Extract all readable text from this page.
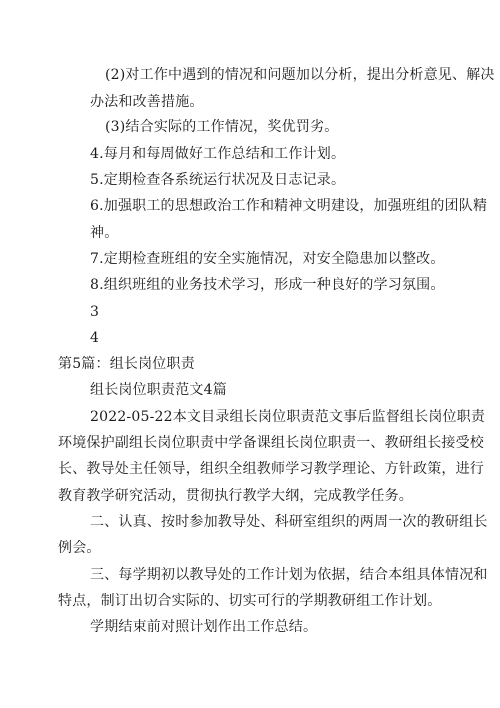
(2)对工作中遇到的情况和问题加以分析，提出分析意见、解决
办法和改善措施。
(3)结合实际的工作情况，奖优罚劣。
4.每月和每周做好工作总结和工作计划。
5.定期检查各系统运行状况及日志记录。
6.加强职工的思想政治工作和精神文明建设，加强班组的团队精
神。
7.定期检查班组的安全实施情况，对安全隐患加以整改。
8.组织班组的业务技术学习，形成一种良好的学习氛围。
3
4
第5篇：组长岗位职责
组长岗位职责范文4篇
2022-05-22本文目录组长岗位职责范文事后监督组长岗位职责
环境保护副组长岗位职责中学备课组长岗位职责一、教研组长接受校
长、教导处主任领导，组织全组教师学习教学理论、方针政策，进行
教育教学研究活动，贯彻执行教学大纲，完成教学任务。
二、认真、按时参加教导处、科研室组织的两周一次的教研组长
例会。
三、每学期初以教导处的工作计划为依据，结合本组具体情况和
特点，制订出切合实际的、切实可行的学期教研组工作计划。
学期结束前对照计划作出工作总结。
